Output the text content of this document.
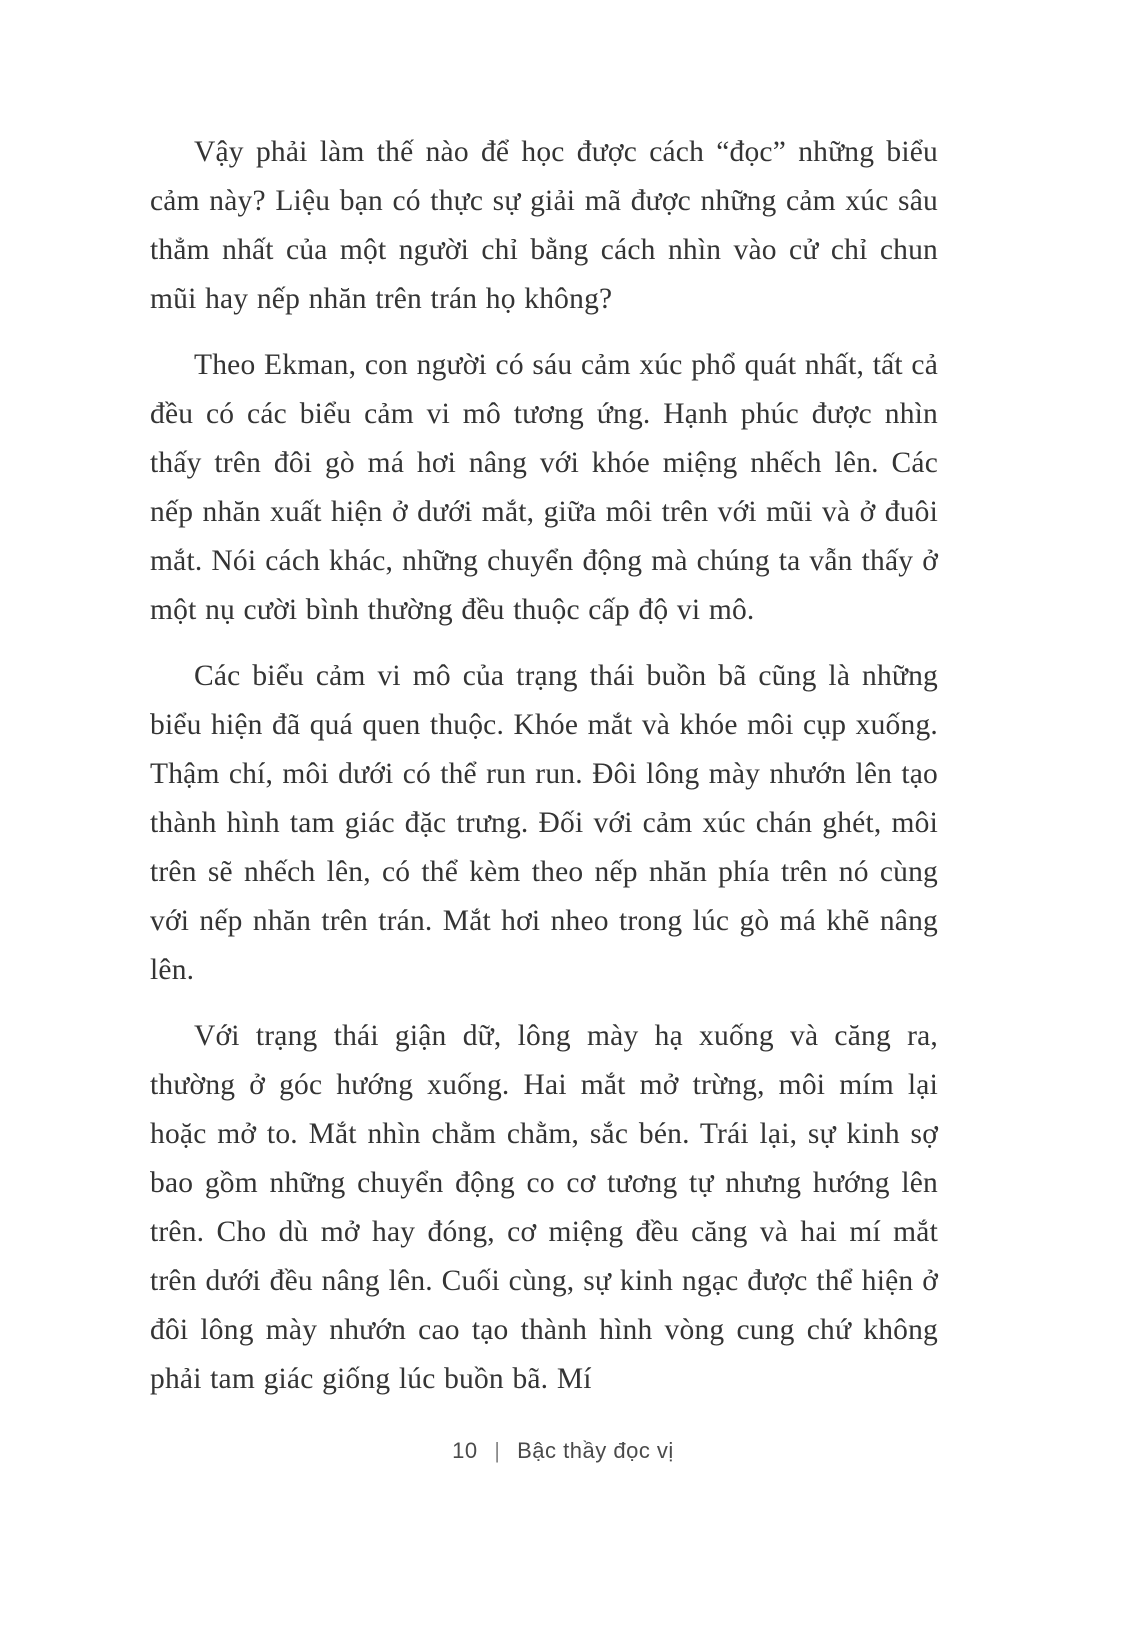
Vậy phải làm thế nào để học được cách “đọc” những biểu cảm này? Liệu bạn có thực sự giải mã được những cảm xúc sâu thẳm nhất của một người chỉ bằng cách nhìn vào cử chỉ chun mũi hay nếp nhăn trên trán họ không?

Theo Ekman, con người có sáu cảm xúc phổ quát nhất, tất cả đều có các biểu cảm vi mô tương ứng. Hạnh phúc được nhìn thấy trên đôi gò má hơi nâng với khóe miệng nhếch lên. Các nếp nhăn xuất hiện ở dưới mắt, giữa môi trên với mũi và ở đuôi mắt. Nói cách khác, những chuyển động mà chúng ta vẫn thấy ở một nụ cười bình thường đều thuộc cấp độ vi mô.

Các biểu cảm vi mô của trạng thái buồn bã cũng là những biểu hiện đã quá quen thuộc. Khóe mắt và khóe môi cụp xuống. Thậm chí, môi dưới có thể run run. Đôi lông mày nhướn lên tạo thành hình tam giác đặc trưng. Đối với cảm xúc chán ghét, môi trên sẽ nhếch lên, có thể kèm theo nếp nhăn phía trên nó cùng với nếp nhăn trên trán. Mắt hơi nheo trong lúc gò má khẽ nâng lên.

Với trạng thái giận dữ, lông mày hạ xuống và căng ra, thường ở góc hướng xuống. Hai mắt mở trừng, môi mím lại hoặc mở to. Mắt nhìn chằm chằm, sắc bén. Trái lại, sự kinh sợ bao gồm những chuyển động co cơ tương tự nhưng hướng lên trên. Cho dù mở hay đóng, cơ miệng đều căng và hai mí mắt trên dưới đều nâng lên. Cuối cùng, sự kinh ngạc được thể hiện ở đôi lông mày nhướn cao tạo thành hình vòng cung chứ không phải tam giác giống lúc buồn bã. Mí

10 | Bậc thầy đọc vị
